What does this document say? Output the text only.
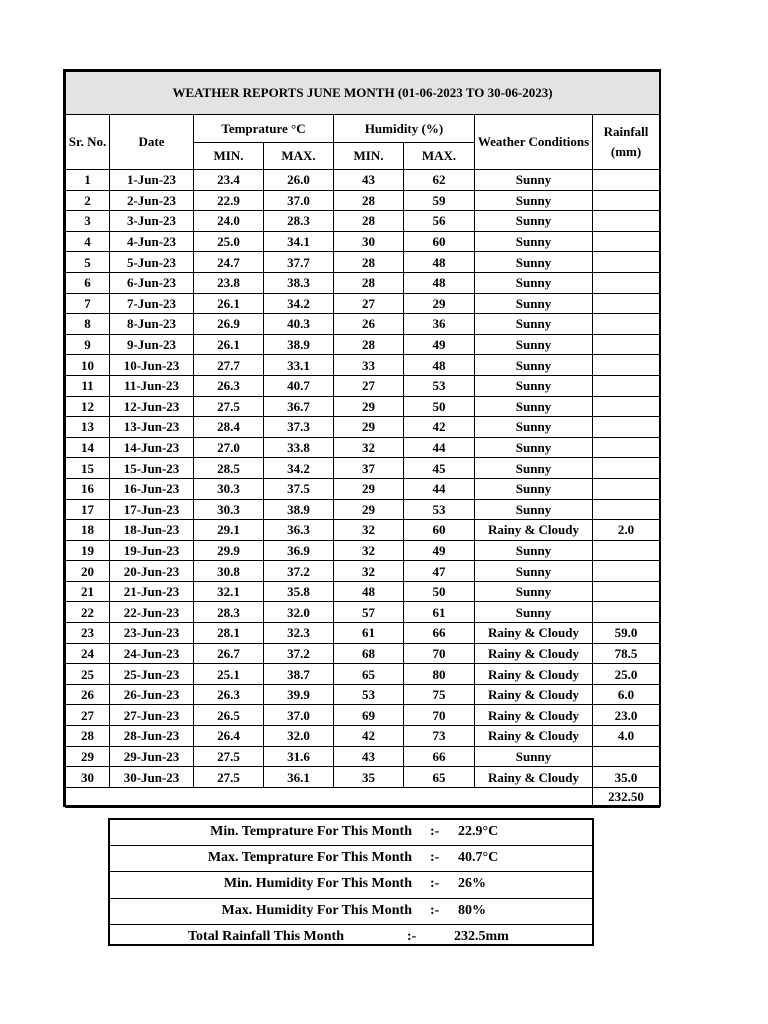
WEATHER REPORTS JUNE MONTH (01-06-2023 TO 30-06-2023)							
Sr. No.	Date	Temprature °C		Humidity (%)		Weather Conditions	Rainfall (mm)
		MIN.	MAX.	MIN.	MAX.		
1	1-Jun-23	23.4	26.0	43	62	Sunny	
2	2-Jun-23	22.9	37.0	28	59	Sunny	
3	3-Jun-23	24.0	28.3	28	56	Sunny	
4	4-Jun-23	25.0	34.1	30	60	Sunny	
5	5-Jun-23	24.7	37.7	28	48	Sunny	
6	6-Jun-23	23.8	38.3	28	48	Sunny	
7	7-Jun-23	26.1	34.2	27	29	Sunny	
8	8-Jun-23	26.9	40.3	26	36	Sunny	
9	9-Jun-23	26.1	38.9	28	49	Sunny	
10	10-Jun-23	27.7	33.1	33	48	Sunny	
11	11-Jun-23	26.3	40.7	27	53	Sunny	
12	12-Jun-23	27.5	36.7	29	50	Sunny	
13	13-Jun-23	28.4	37.3	29	42	Sunny	
14	14-Jun-23	27.0	33.8	32	44	Sunny	
15	15-Jun-23	28.5	34.2	37	45	Sunny	
16	16-Jun-23	30.3	37.5	29	44	Sunny	
17	17-Jun-23	30.3	38.9	29	53	Sunny	
18	18-Jun-23	29.1	36.3	32	60	Rainy & Cloudy	2.0
19	19-Jun-23	29.9	36.9	32	49	Sunny	
20	20-Jun-23	30.8	37.2	32	47	Sunny	
21	21-Jun-23	32.1	35.8	48	50	Sunny	
22	22-Jun-23	28.3	32.0	57	61	Sunny	
23	23-Jun-23	28.1	32.3	61	66	Rainy & Cloudy	59.0
24	24-Jun-23	26.7	37.2	68	70	Rainy & Cloudy	78.5
25	25-Jun-23	25.1	38.7	65	80	Rainy & Cloudy	25.0
26	26-Jun-23	26.3	39.9	53	75	Rainy & Cloudy	6.0
27	27-Jun-23	26.5	37.0	69	70	Rainy & Cloudy	23.0
28	28-Jun-23	26.4	32.0	42	73	Rainy & Cloudy	4.0
29	29-Jun-23	27.5	31.6	43	66	Sunny	
30	30-Jun-23	27.5	36.1	35	65	Rainy & Cloudy	35.0
							232.50
Min. Temprature For This Month :- 22.9°C
Max. Temprature For This Month :- 40.7°C
Min. Humidity For This Month :- 26%
Max. Humidity For This Month :- 80%
Total Rainfall This Month	:-	232.5mm
